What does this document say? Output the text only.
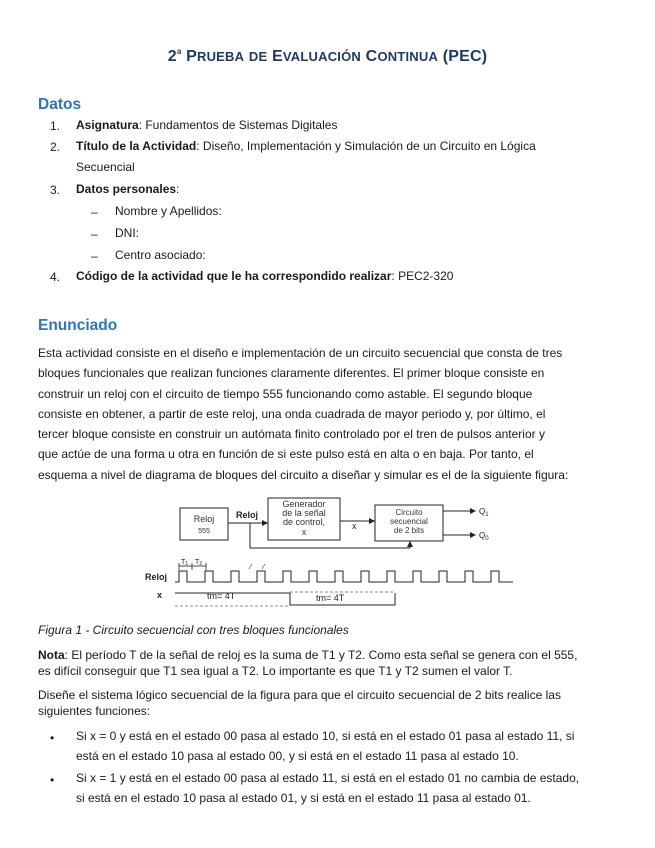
2$^a$ PRUEBA DE EVALUACIÓN CONTINUA (PEC)
Datos
1. Asignatura: Fundamentos de Sistemas Digitales
2. Título de la Actividad: Diseño, Implementación y Simulación de un Circuito en Lógica
Secuencial
3. Datos personales:
– Nombre y Apellidos:
– DNI:
– Centro asociado:
4. Código de la actividad que le ha correspondido realizar: PEC2-320
Enunciado
Esta actividad consiste en el diseño e implementación de un circuito secuencial que consta de tres
bloques funcionales que realizan funciones claramente diferentes. El primer bloque consiste en
construir un reloj con el circuito de tiempo 555 funcionando como astable. El segundo bloque
consiste en obtener, a partir de este reloj, una onda cuadrada de mayor periodo y, por último, el
tercer bloque consiste en construir un autómata finito controlado por el tren de pulsos anterior y
que actúe de una forma u otra en función de si este pulso está en alta o en baja. Por tanto, el
esquema a nivel de diagrama de bloques del circuito a diseñar y simular es el de la siguiente figura:
Reloj
555
Generador
de la señal
de control,
x
Circuito
secuencial
de 2 bits
Reloj
x
$Q_1$
$Q_0$
Reloj
x
T1 T2
tm= 4T	tm= 4T
Figura 1 - Circuito secuencial con tres bloques funcionales
Nota: El período T de la señal de reloj es la suma de T1 y T2. Como esta señal se genera con el 555,
es difícil conseguir que T1 sea igual a T2. Lo importante es que T1 y T2 sumen el valor T.
Diseñe el sistema lógico secuencial de la figura para que el circuito secuencial de 2 bits realice las
siguientes funciones:
• Si x = 0 y está en el estado 00 pasa al estado 10, si está en el estado 01 pasa al estado 11, si
está en el estado 10 pasa al estado 00, y si está en el estado 11 pasa al estado 10.
• Si x = 1 y está en el estado 00 pasa al estado 11, si está en el estado 01 no cambia de estado,
si está en el estado 10 pasa al estado 01, y si está en el estado 11 pasa al estado 01.
